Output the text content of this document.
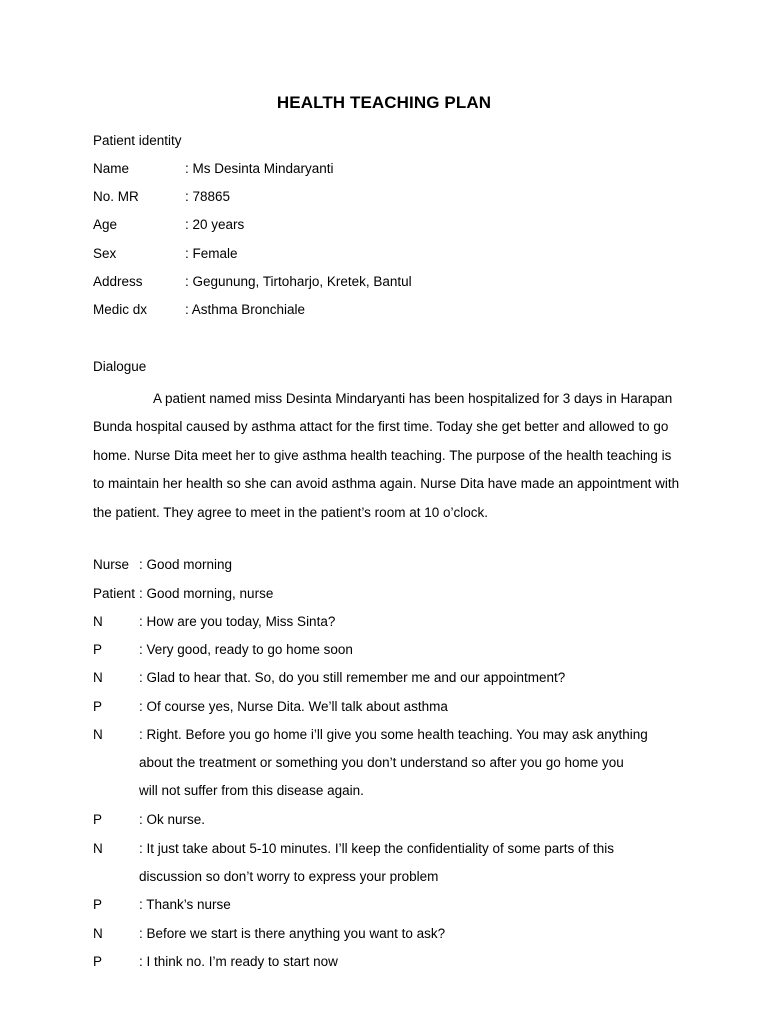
HEALTH TEACHING PLAN
Patient identity
Name	: Ms Desinta Mindaryanti
No. MR	: 78865
Age	: 20 years
Sex	: Female
Address	: Gegunung, Tirtoharjo, Kretek, Bantul
Medic dx	: Asthma Bronchiale
Dialogue
A patient named miss Desinta Mindaryanti has been hospitalized for 3 days in Harapan Bunda hospital caused by asthma attact for the first time. Today she get better and allowed to go home. Nurse Dita meet her to give asthma health teaching. The purpose of the health teaching is to maintain her health so she can avoid asthma again. Nurse Dita have made an appointment with the patient. They agree to meet in the patient’s room at 10 o’clock.
Nurse : Good morning
Patient : Good morning, nurse
N	: How are you today, Miss Sinta?
P	: Very good, ready to go home soon
N	: Glad to hear that. So, do you still remember me and our appointment?
P	: Of course yes, Nurse Dita. We’ll talk about asthma
N	: Right. Before you go home i’ll give you some health teaching. You may ask anything
about the treatment or something you don’t understand so after you go home you
will not suffer from this disease again.
P	: Ok nurse.
N	: It just take about 5-10 minutes. I’ll keep the confidentiality of some parts of this
discussion so don’t worry to express your problem
P	: Thank’s nurse
N	: Before we start is there anything you want to ask?
P	: I think no. I’m ready to start now
